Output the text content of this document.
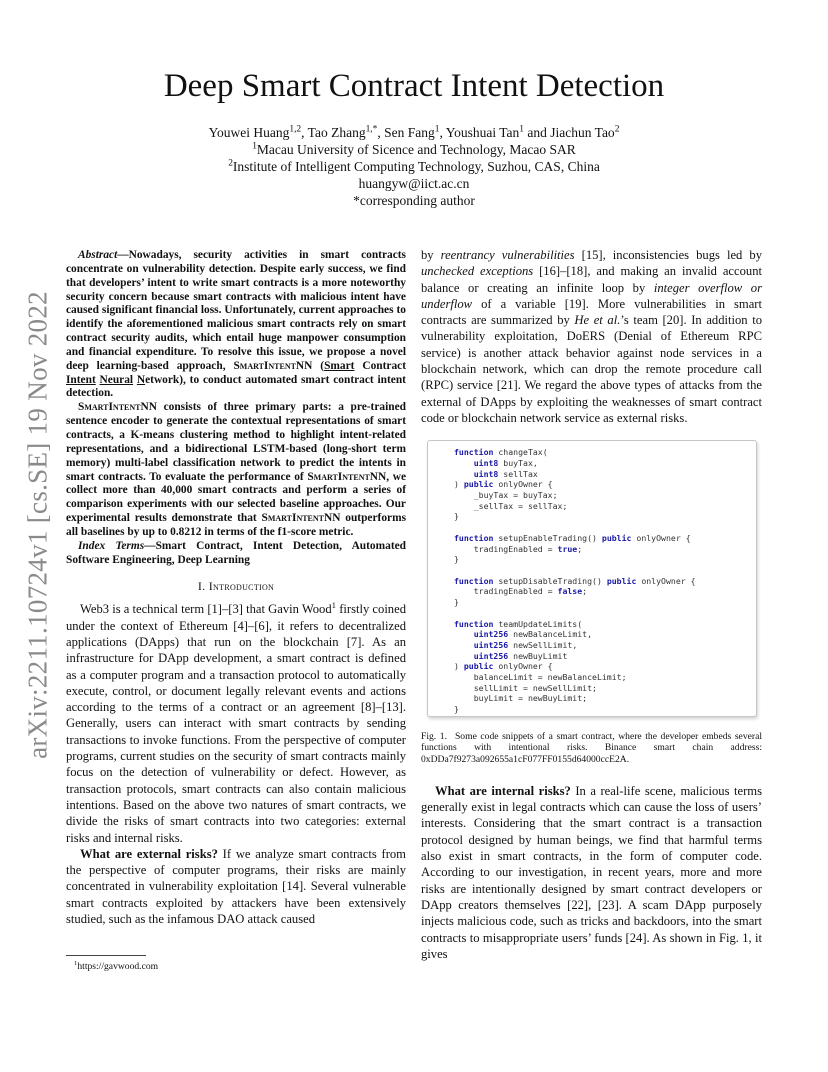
arXiv:2211.10724v1 [cs.SE] 19 Nov 2022
Deep Smart Contract Intent Detection
Youwei Huang$^{1,2}$, Tao Zhang$^{1,*}$, Sen Fang$^1$, Youshuai Tan$^1$ and Jiachun Tao$^2$
$^1$Macau University of Sicence and Technology, Macao SAR
$^2$Institute of Intelligent Computing Technology, Suzhou, CAS, China
huangyw@iict.ac.cn
*corresponding author

Abstract—Nowadays, security activities in smart contracts concentrate on vulnerability detection. Despite early success, we find that developers’ intent to write smart contracts is a more noteworthy security concern because smart contracts with malicious intent have caused significant financial loss. Unfortunately, current approaches to identify the aforementioned malicious smart contracts rely on smart contract security audits, which entail huge manpower consumption and financial expenditure. To resolve this issue, we propose a novel deep learning-based approach, SmartIntentNN (Smart Contract Intent Neural Network), to conduct automated smart contract intent detection.

SmartIntentNN consists of three primary parts: a pre-trained sentence encoder to generate the contextual representations of smart contracts, a K-means clustering method to highlight intent-related representations, and a bidirectional LSTM-based (long-short term memory) multi-label classification network to predict the intents in smart contracts. To evaluate the performance of SmartIntentNN, we collect more than 40,000 smart contracts and perform a series of comparison experiments with our selected baseline approaches. Our experimental results demonstrate that SmartIntentNN outperforms all baselines by up to 0.8212 in terms of the f1-score metric.

Index Terms—Smart Contract, Intent Detection, Automated Software Engineering, Deep Learning

I. Introduction

Web3 is a technical term [1]–[3] that Gavin Wood$^1$ firstly coined under the context of Ethereum [4]–[6], it refers to decentralized applications (DApps) that run on the blockchain [7]. As an infrastructure for DApp development, a smart contract is defined as a computer program and a transaction protocol to automatically execute, control, or document legally relevant events and actions according to the terms of a contract or an agreement [8]–[13]. Generally, users can interact with smart contracts by sending transactions to invoke functions. From the perspective of computer programs, current studies on the security of smart contracts mainly focus on the detection of vulnerability or defect. However, as transaction protocols, smart contracts can also contain malicious intentions. Based on the above two natures of smart contracts, we divide the risks of smart contracts into two categories: external risks and internal risks.

What are external risks? If we analyze smart contracts from the perspective of computer programs, their risks are mainly concentrated in vulnerability exploitation [14]. Several vulnerable smart contracts exploited by attackers have been extensively studied, such as the infamous DAO attack caused

by reentrancy vulnerabilities [15], inconsistencies bugs led by unchecked exceptions [16]–[18], and making an invalid account balance or creating an infinite loop by integer overflow or underflow of a variable [19]. More vulnerabilities in smart contracts are summarized by He et al.’s team [20]. In addition to vulnerability exploitation, DoERS (Denial of Ethereum RPC service) is another attack behavior against node services in a blockchain network, which can drop the remote procedure call (RPC) service [21]. We regard the above types of attacks from the external of DApps by exploiting the weaknesses of smart contract code or blockchain network service as external risks.

function changeTax(
uint8 buyTax,
uint8 sellTax
) public onlyOwner {
_buyTax = buyTax;
_sellTax = sellTax;
}

function setupEnableTrading() public onlyOwner {
tradingEnabled = true;
}

function setupDisableTrading() public onlyOwner {
tradingEnabled = false;
}

function teamUpdateLimits(
uint256 newBalanceLimit,
uint256 newSellLimit,
uint256 newBuyLimit
) public onlyOwner {
balanceLimit = newBalanceLimit;
sellLimit = newSellLimit;
buyLimit = newBuyLimit;
}
Fig. 1. Some code snippets of a smart contract, where the developer embeds several functions with intentional risks. Binance smart chain address: 0xDDa7f9273a092655a1cF077FF0155d64000ccE2A.

What are internal risks? In a real-life scene, malicious terms generally exist in legal contracts which can cause the loss of users’ interests. Considering that the smart contract is a transaction protocol designed by human beings, we find that harmful terms also exist in smart contracts, in the form of computer code. According to our investigation, in recent years, more and more risks are intentionally designed by smart contract developers or DApp creators themselves [22], [23]. A scam DApp purposely injects malicious code, such as tricks and backdoors, into the smart contracts to misappropriate users’ funds [24]. As shown in Fig. 1, it gives

$^1$https://gavwood.com
